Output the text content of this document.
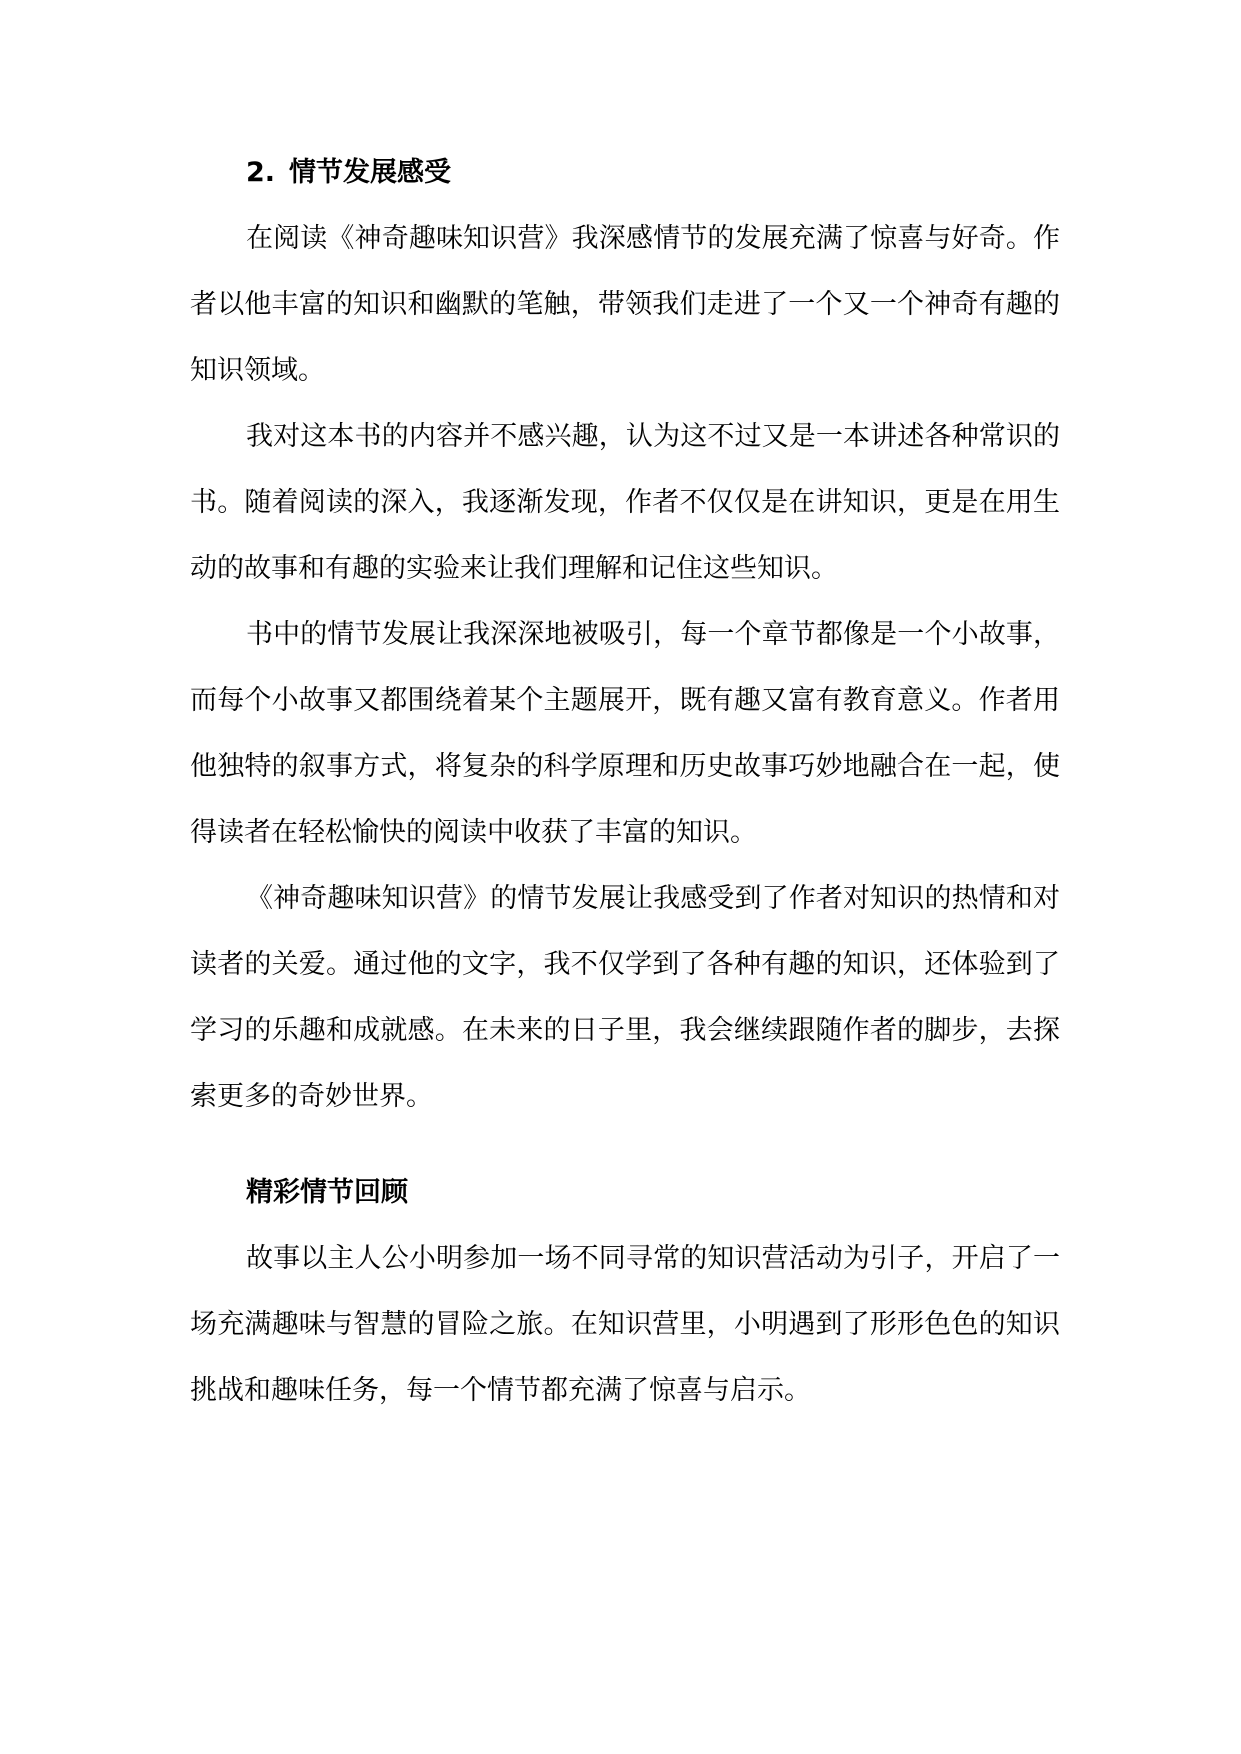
2. 情节发展感受

在阅读《神奇趣味知识营》我深感情节的发展充满了惊喜与好奇。作者以他丰富的知识和幽默的笔触，带领我们走进了一个又一个神奇有趣的知识领域。

我对这本书的内容并不感兴趣，认为这不过又是一本讲述各种常识的书。随着阅读的深入，我逐渐发现，作者不仅仅是在讲知识，更是在用生动的故事和有趣的实验来让我们理解和记住这些知识。

书中的情节发展让我深深地被吸引，每一个章节都像是一个小故事，而每个小故事又都围绕着某个主题展开，既有趣又富有教育意义。作者用他独特的叙事方式，将复杂的科学原理和历史故事巧妙地融合在一起，使得读者在轻松愉快的阅读中收获了丰富的知识。

《神奇趣味知识营》的情节发展让我感受到了作者对知识的热情和对读者的关爱。通过他的文字，我不仅学到了各种有趣的知识，还体验到了学习的乐趣和成就感。在未来的日子里，我会继续跟随作者的脚步，去探索更多的奇妙世界。

精彩情节回顾

故事以主人公小明参加一场不同寻常的知识营活动为引子，开启了一场充满趣味与智慧的冒险之旅。在知识营里，小明遇到了形形色色的知识挑战和趣味任务，每一个情节都充满了惊喜与启示。
